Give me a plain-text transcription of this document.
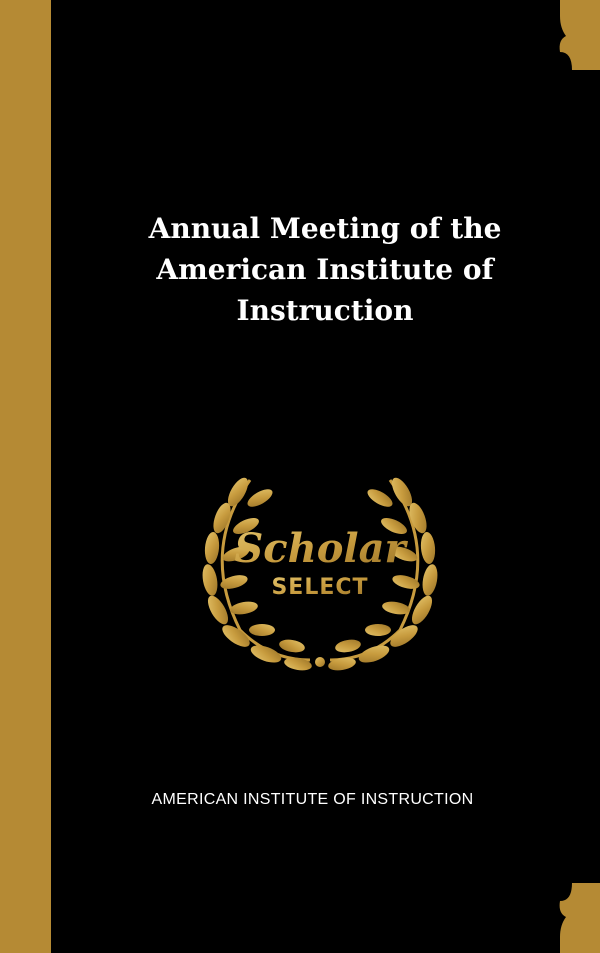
Annual Meeting of the
American Institute of
Instruction
Scholar
SELECT
AMERICAN INSTITUTE OF INSTRUCTION
